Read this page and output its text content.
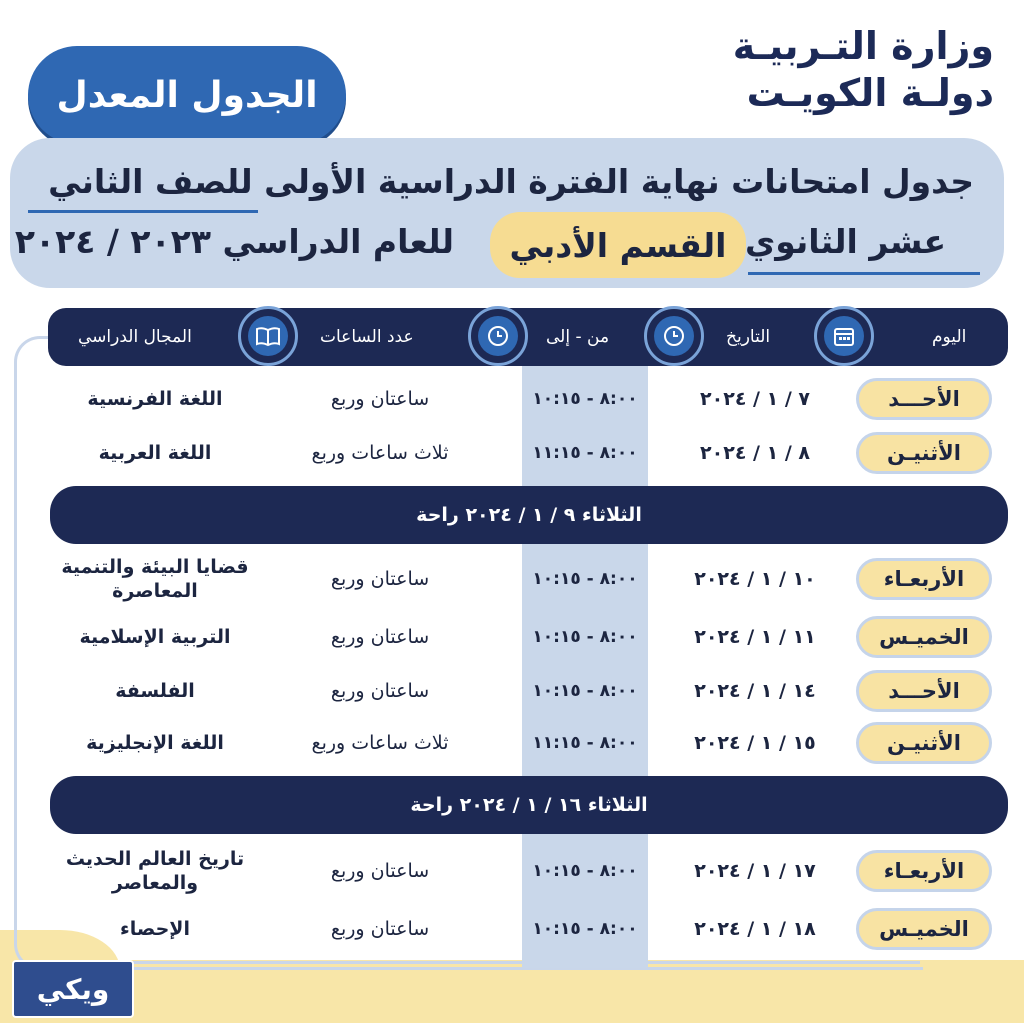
وزارة التـربيـة
دولـة الكويـت
الجدول المعدل
جدول امتحانات نهاية الفترة الدراسية الأولى للصف الثاني
عشر الثانوي  للعام الدراسي ٢٠٢٣ / ٢٠٢٤	القسم الأدبي
اليوم
التاريخ
من - إلى
عدد الساعات
المجال الدراسي
الأحـــد
٧ / ١ / ٢٠٢٤
٨:٠٠ - ١٠:١٥
ساعتان وربع
اللغة الفرنسية
الأثنيـن
٨ / ١ / ٢٠٢٤
٨:٠٠ - ١١:١٥
ثلاث ساعات وربع
اللغة العربية
الثلاثاء ٩ / ١ / ٢٠٢٤ راحة
الأربعـاء
١٠ / ١ / ٢٠٢٤
٨:٠٠ - ١٠:١٥
ساعتان وربع
قضايا البيئة والتنمية المعاصرة
الخميـس
١١ / ١ / ٢٠٢٤
٨:٠٠ - ١٠:١٥
ساعتان وربع
التربية الإسلامية
الأحـــد
١٤ / ١ / ٢٠٢٤
٨:٠٠ - ١٠:١٥
ساعتان وربع
الفلسفة
الأثنيـن
١٥ / ١ / ٢٠٢٤
٨:٠٠ - ١١:١٥
ثلاث ساعات وربع
اللغة الإنجليزية
الثلاثاء ١٦ / ١ / ٢٠٢٤ راحة
الأربعـاء
١٧ / ١ / ٢٠٢٤
٨:٠٠ - ١٠:١٥
ساعتان وربع
تاريخ العالم الحديث والمعاصر
الخميـس
١٨ / ١ / ٢٠٢٤
٨:٠٠ - ١٠:١٥
ساعتان وربع
الإحصاء
ويكي
